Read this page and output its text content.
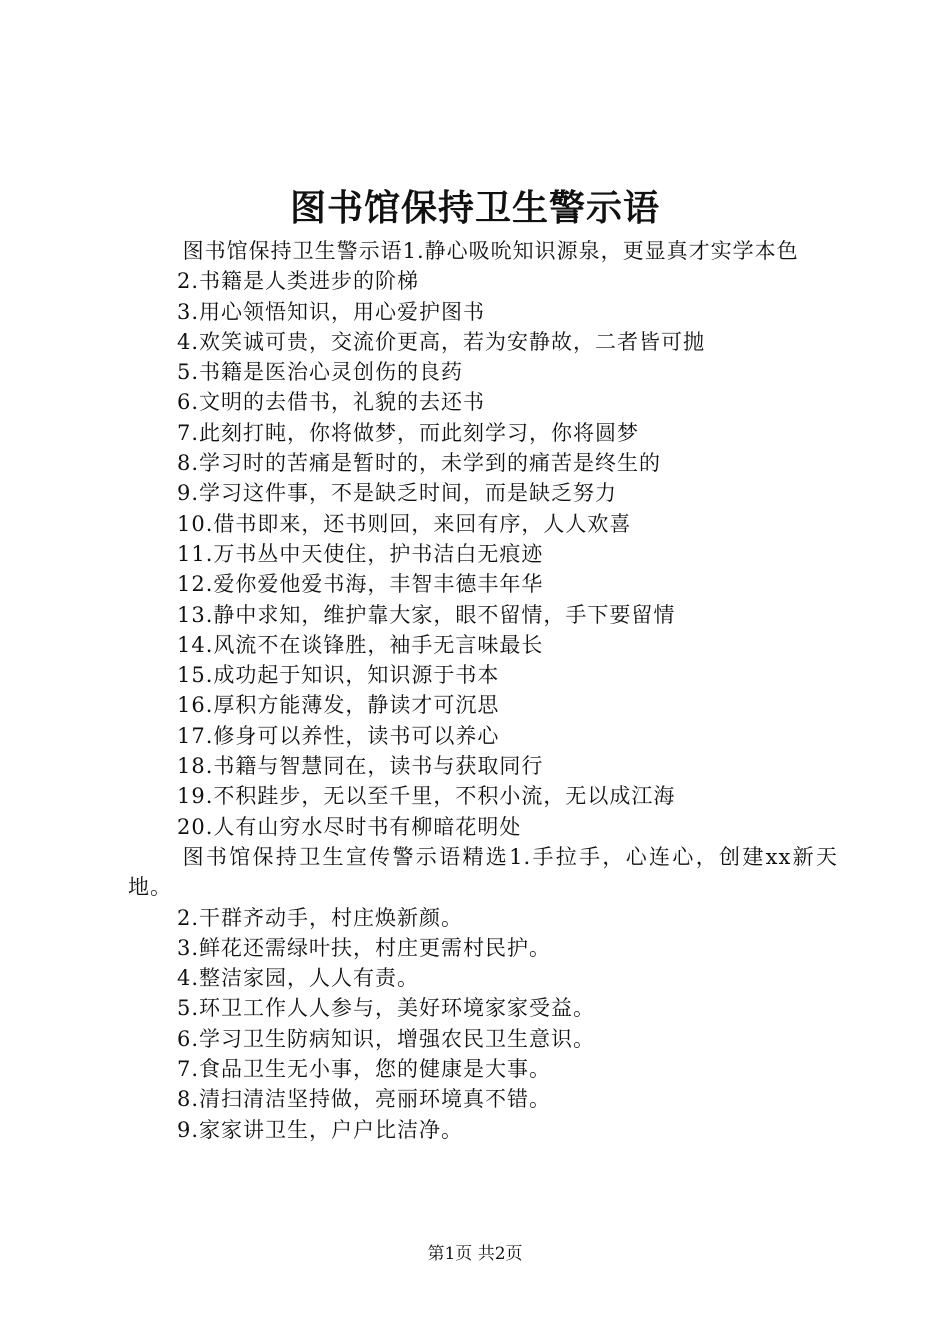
图书馆保持卫生警示语

图书馆保持卫生警示语1.静心吸吮知识源泉，更显真才实学本色

2.书籍是人类进步的阶梯

3.用心领悟知识，用心爱护图书

4.欢笑诚可贵，交流价更高，若为安静故，二者皆可抛

5.书籍是医治心灵创伤的良药

6.文明的去借书，礼貌的去还书

7.此刻打盹，你将做梦，而此刻学习，你将圆梦

8.学习时的苦痛是暂时的，未学到的痛苦是终生的

9.学习这件事，不是缺乏时间，而是缺乏努力

10.借书即来，还书则回，来回有序，人人欢喜

11.万书丛中天使住，护书洁白无痕迹

12.爱你爱他爱书海，丰智丰德丰年华

13.静中求知，维护靠大家，眼不留情，手下要留情

14.风流不在谈锋胜，袖手无言味最长

15.成功起于知识，知识源于书本

16.厚积方能薄发，静读才可沉思

17.修身可以养性，读书可以养心

18.书籍与智慧同在，读书与获取同行

19.不积跬步，无以至千里，不积小流，无以成江海

20.人有山穷水尽时书有柳暗花明处

图书馆保持卫生宣传警示语精选1.手拉手，心连心，创建xx新天地。

2.干群齐动手，村庄焕新颜。

3.鲜花还需绿叶扶，村庄更需村民护。

4.整洁家园，人人有责。

5.环卫工作人人参与，美好环境家家受益。

6.学习卫生防病知识，增强农民卫生意识。

7.食品卫生无小事，您的健康是大事。

8.清扫清洁坚持做，亮丽环境真不错。

9.家家讲卫生，户户比洁净。

第1页 共2页
